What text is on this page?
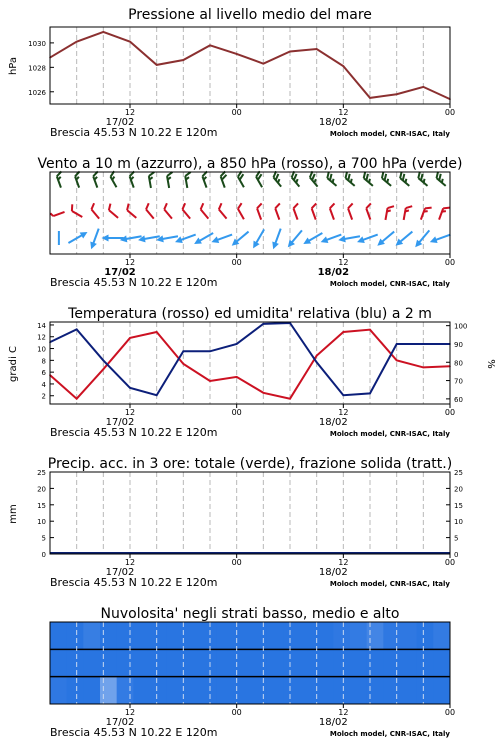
Pressione al livello medio del mare
1026
1028
1030
hPa
12	00	12	00
17/02	18/02
Brescia 45.53 N 10.22 E 120m	Moloch model, CNR-ISAC, Italy
Vento a 10 m (azzurro), a 850 hPa (rosso), a 700 hPa (verde)
12	00	12	00
17/02	18/02
Brescia 45.53 N 10.22 E 120m	Moloch model, CNR-ISAC, Italy
Temperatura (rosso) ed umidita' relativa (blu) a 2 m
2
4
6
8
10
12
14
60
70
80
90
100
gradi C	%
12	00	12	00
17/02	18/02
Brescia 45.53 N 10.22 E 120m	Moloch model, CNR-ISAC, Italy
Precip. acc. in 3 ore: totale (verde), frazione solida (tratt.)
0	0
5	5
10	10
15	15
20	20
25	25
mm
12	00	12	00
17/02	18/02
Brescia 45.53 N 10.22 E 120m	Moloch model, CNR-ISAC, Italy
Nuvolosita' negli strati basso, medio e alto
12	00	12	00
17/02	18/02
Brescia 45.53 N 10.22 E 120m	Moloch model, CNR-ISAC, Italy
